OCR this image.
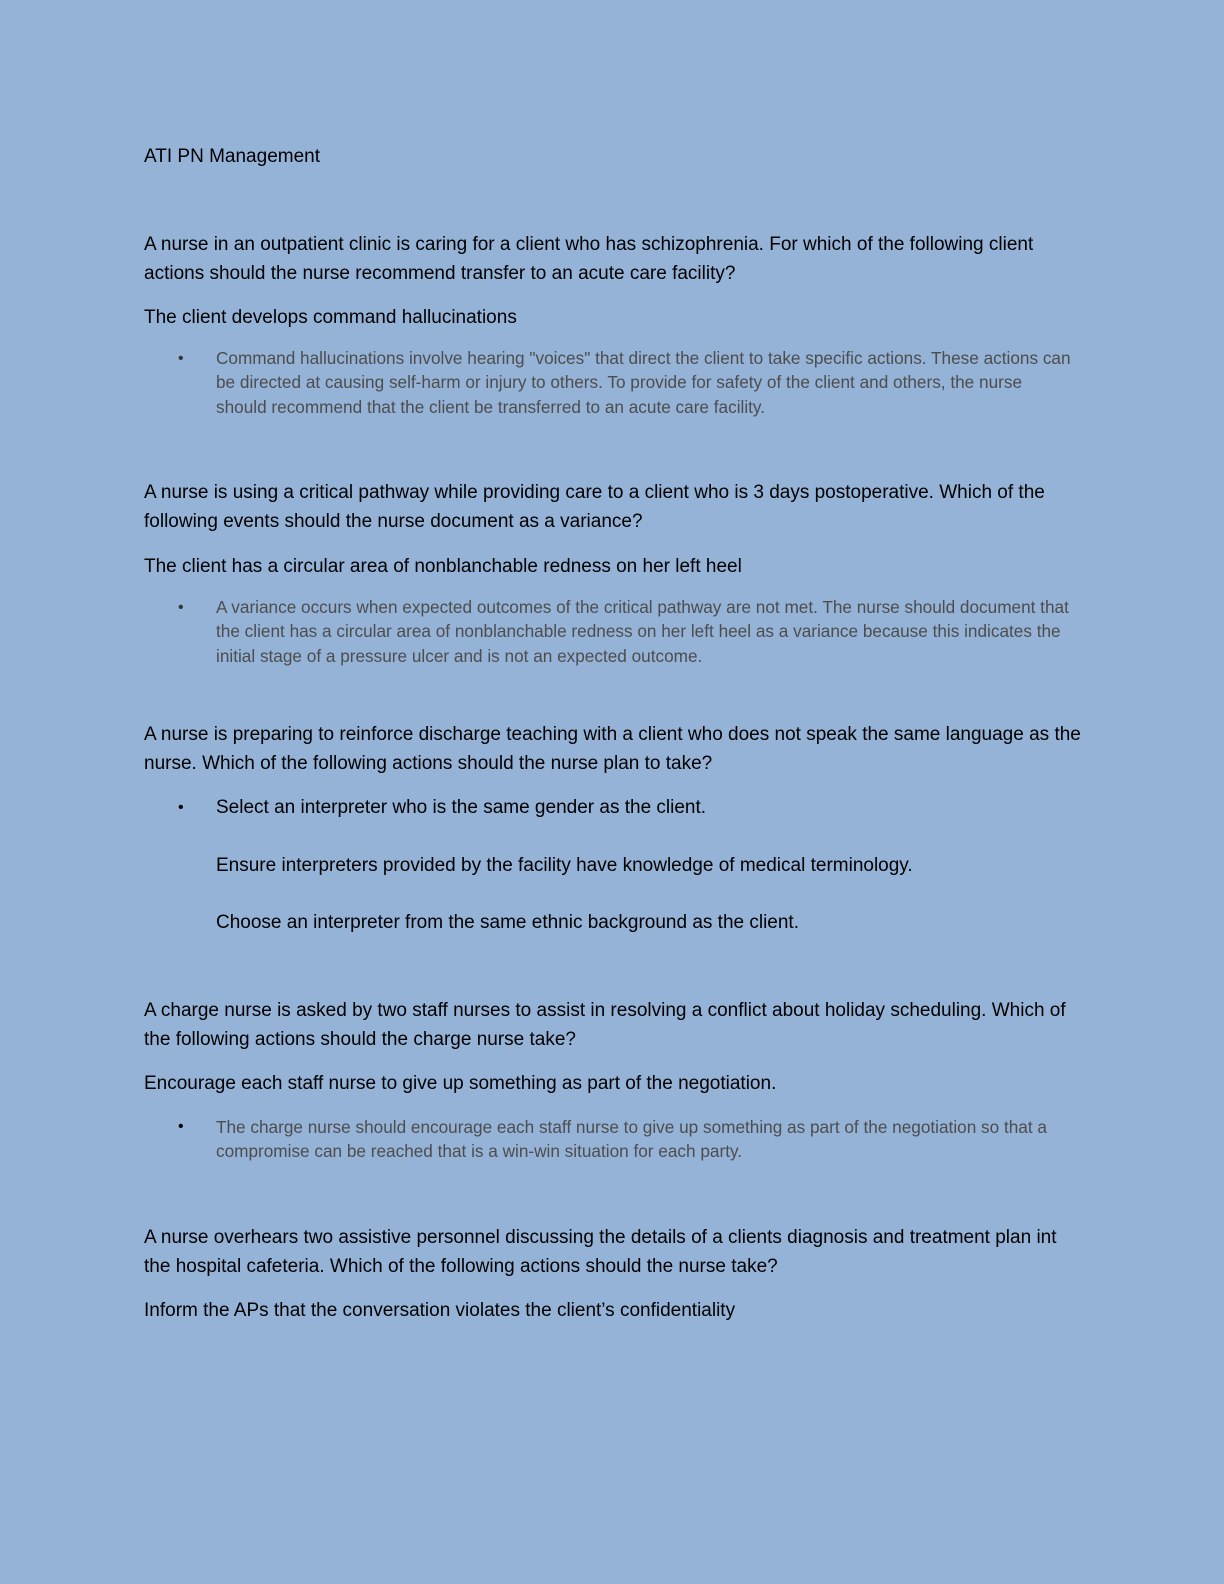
ATI PN Management
A nurse in an outpatient clinic is caring for a client who has schizophrenia. For which of the following client actions should the nurse recommend transfer to an acute care facility?
The client develops command hallucinations
• Command hallucinations involve hearing "voices" that direct the client to take specific actions. These actions can be directed at causing self-harm or injury to others. To provide for safety of the client and others, the nurse should recommend that the client be transferred to an acute care facility.
A nurse is using a critical pathway while providing care to a client who is 3 days postoperative. Which of the following events should the nurse document as a variance?
The client has a circular area of nonblanchable redness on her left heel
• A variance occurs when expected outcomes of the critical pathway are not met. The nurse should document that the client has a circular area of nonblanchable redness on her left heel as a variance because this indicates the initial stage of a pressure ulcer and is not an expected outcome.
A nurse is preparing to reinforce discharge teaching with a client who does not speak the same language as the nurse. Which of the following actions should the nurse plan to take?
• Select an interpreter who is the same gender as the client.
Ensure interpreters provided by the facility have knowledge of medical terminology.
Choose an interpreter from the same ethnic background as the client.
A charge nurse is asked by two staff nurses to assist in resolving a conflict about holiday scheduling. Which of the following actions should the charge nurse take?
Encourage each staff nurse to give up something as part of the negotiation.
• The charge nurse should encourage each staff nurse to give up something as part of the negotiation so that a compromise can be reached that is a win-win situation for each party.
A nurse overhears two assistive personnel discussing the details of a clients diagnosis and treatment plan int the hospital cafeteria. Which of the following actions should the nurse take?
Inform the APs that the conversation violates the client’s confidentiality
